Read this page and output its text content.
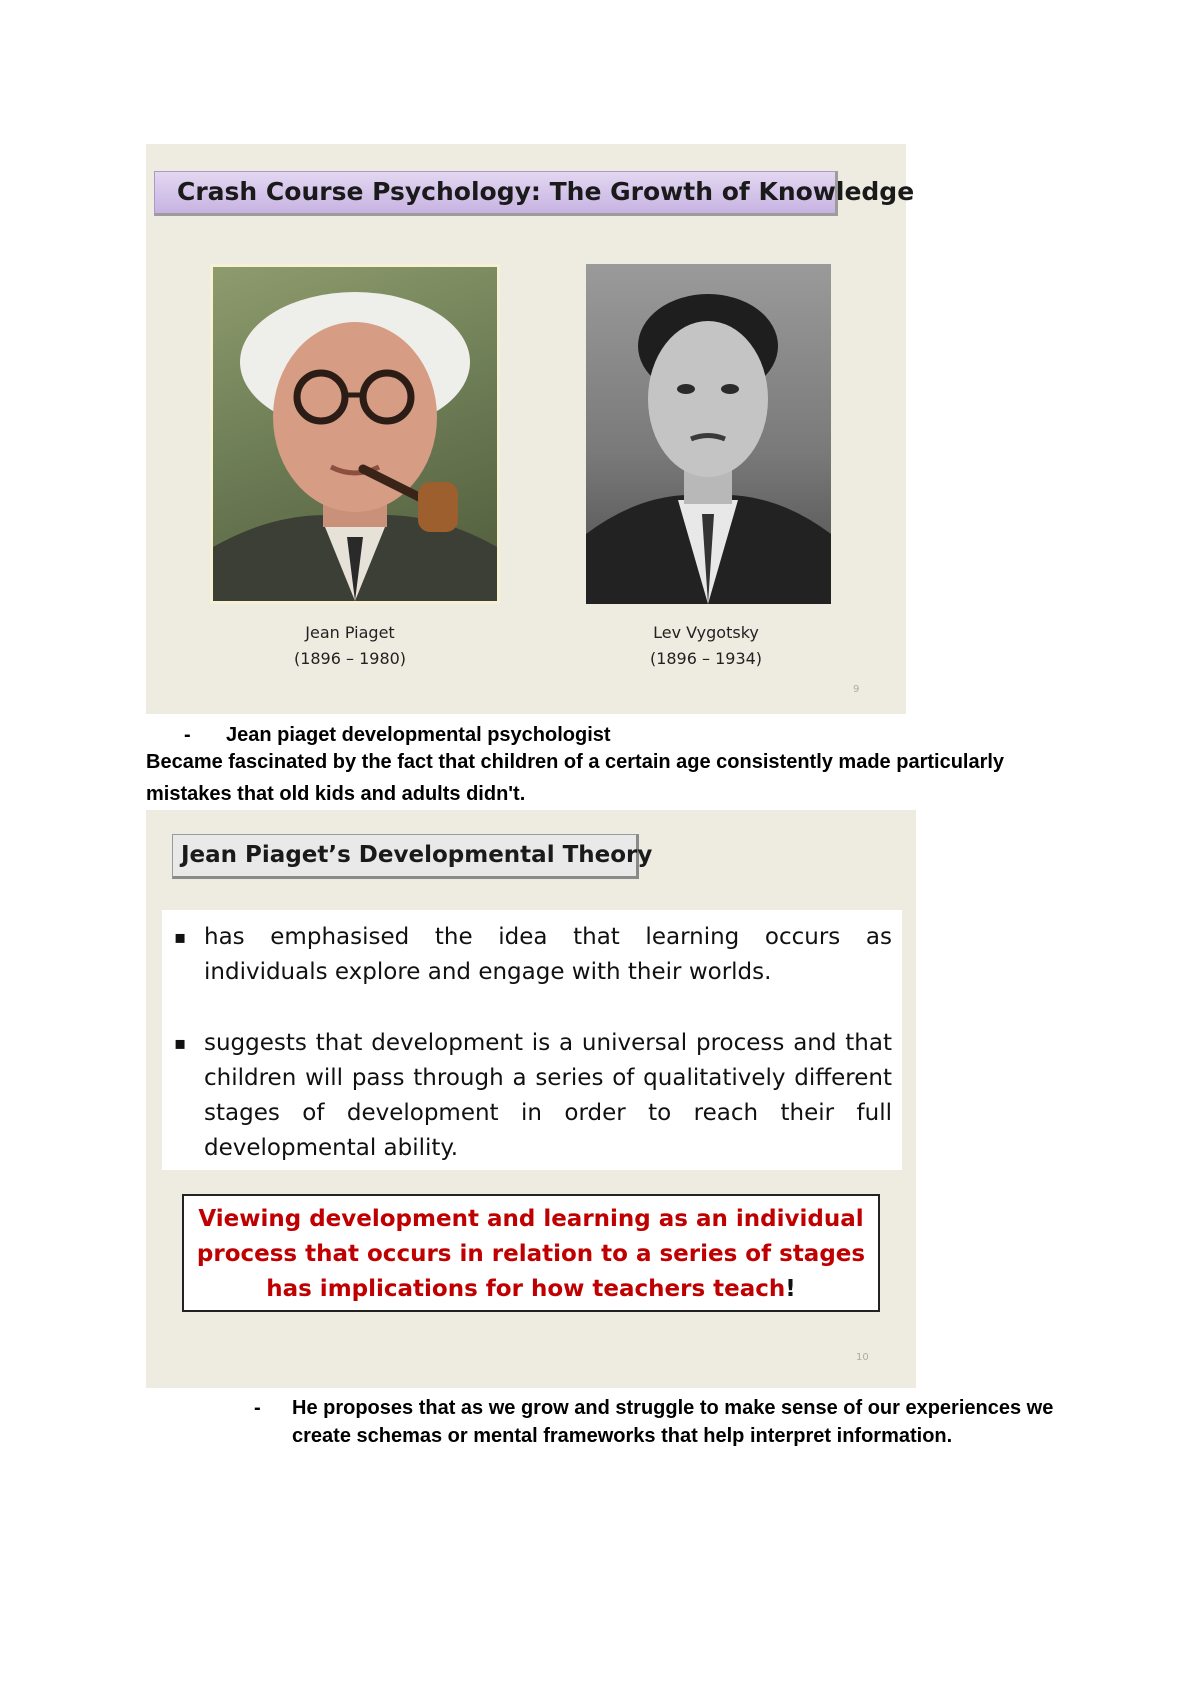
Crash Course Psychology: The Growth of Knowledge
Jean Piaget
(1896 – 1980)
Lev Vygotsky
(1896 – 1934)
9
- Jean piaget developmental psychologist
Became fascinated by the fact that children of a certain age consistently made particularly mistakes that old kids and adults didn't.
Jean Piaget’s Developmental Theory
▪ has emphasised the idea that learning occurs as individuals explore and engage with their worlds.
▪ suggests that development is a universal process and that children will pass through a series of qualitatively different stages of development in order to reach their full developmental ability.
Viewing development and learning as an individual process that occurs in relation to a series of stages has implications for how teachers teach!
10
- He proposes that as we grow and struggle to make sense of our experiences we create schemas or mental frameworks that help interpret information.
